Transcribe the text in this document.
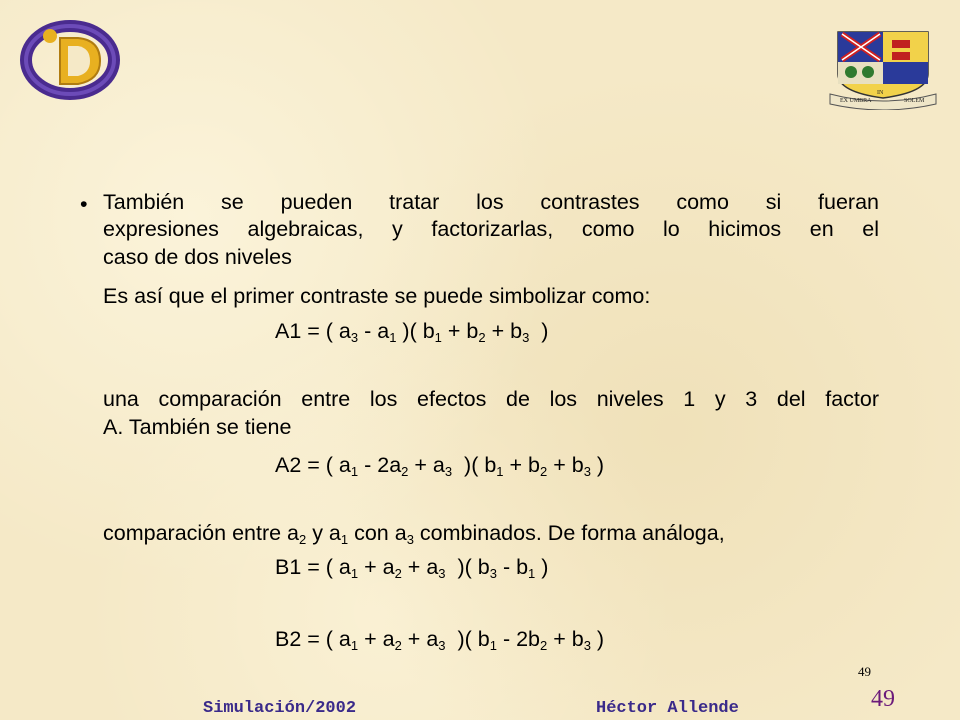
EX UMBRA
IN
SOLEM
• También se pueden tratar los contrastes como si fueran
expresiones algebraicas, y factorizarlas, como lo hicimos en el
caso de dos niveles
Es así que el primer contraste se puede simbolizar como:
A1 = ( $a_3 - a_1$ )( $b_1 + b_2 + b_3$  )
una comparación entre los efectos de los niveles 1 y 3 del factor
A. También se tiene
A2 = ( $a_1 - 2a_2 + a_3$  )( $b_1 + b_2 + b_3$ )
comparación entre $a_2$ y $a_1$ con $a_3$ combinados. De forma análoga,
B1 = ( $a_1 + a_2 + a_3$  )( $b_3 - b_1$ )
B2 = ( $a_1 + a_2 + a_3$  )( $b_1 - 2b_2 + b_3$ )
49
49
Simulación/2002	Héctor Allende
